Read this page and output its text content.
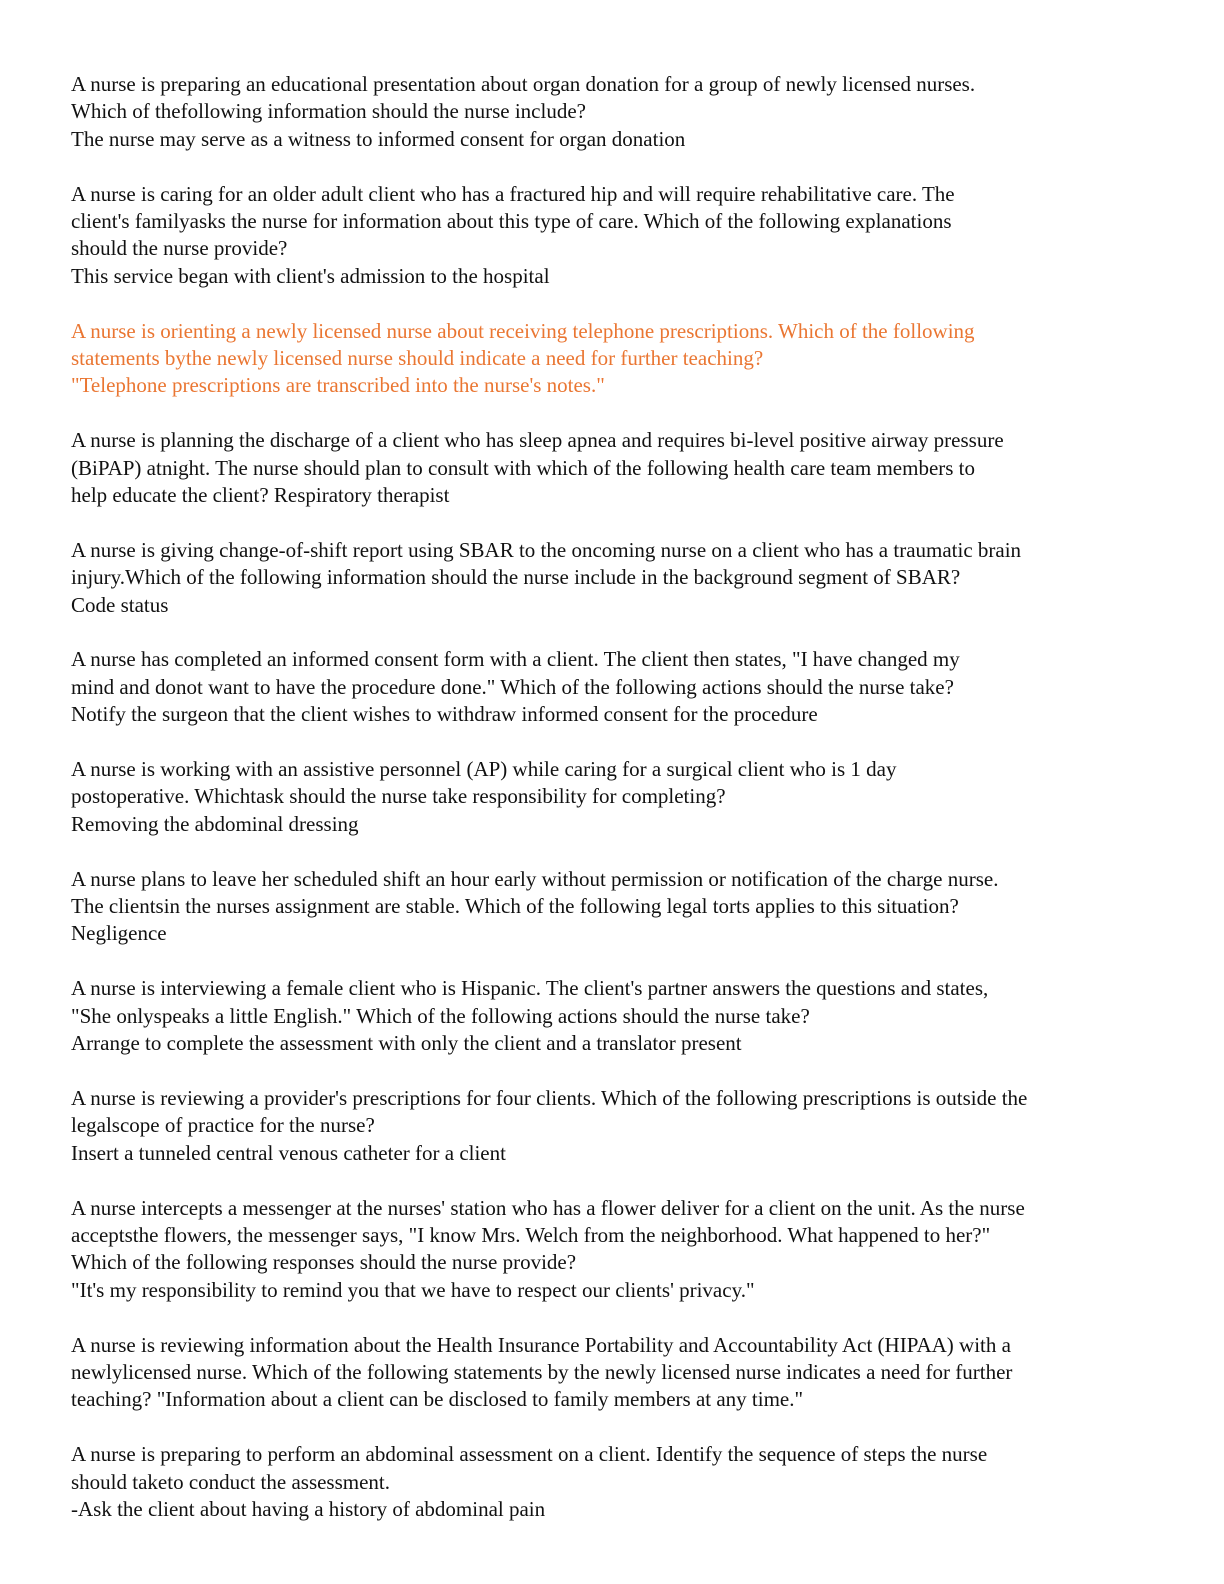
A nurse is preparing an educational presentation about organ donation for a group of newly licensed nurses.
Which of thefollowing information should the nurse include?
The nurse may serve as a witness to informed consent for organ donation
A nurse is caring for an older adult client who has a fractured hip and will require rehabilitative care. The
client's familyasks the nurse for information about this type of care. Which of the following explanations
should the nurse provide?
This service began with client's admission to the hospital
A nurse is orienting a newly licensed nurse about receiving telephone prescriptions. Which of the following
statements bythe newly licensed nurse should indicate a need for further teaching?
"Telephone prescriptions are transcribed into the nurse's notes."
A nurse is planning the discharge of a client who has sleep apnea and requires bi-level positive airway pressure
(BiPAP) atnight. The nurse should plan to consult with which of the following health care team members to
help educate the client? Respiratory therapist
A nurse is giving change-of-shift report using SBAR to the oncoming nurse on a client who has a traumatic brain
injury.Which of the following information should the nurse include in the background segment of SBAR?
Code status
A nurse has completed an informed consent form with a client. The client then states, "I have changed my
mind and donot want to have the procedure done." Which of the following actions should the nurse take?
Notify the surgeon that the client wishes to withdraw informed consent for the procedure
A nurse is working with an assistive personnel (AP) while caring for a surgical client who is 1 day
postoperative. Whichtask should the nurse take responsibility for completing?
Removing the abdominal dressing
A nurse plans to leave her scheduled shift an hour early without permission or notification of the charge nurse.
The clientsin the nurses assignment are stable. Which of the following legal torts applies to this situation?
Negligence
A nurse is interviewing a female client who is Hispanic. The client's partner answers the questions and states,
"She onlyspeaks a little English." Which of the following actions should the nurse take?
Arrange to complete the assessment with only the client and a translator present
A nurse is reviewing a provider's prescriptions for four clients. Which of the following prescriptions is outside the
legalscope of practice for the nurse?
Insert a tunneled central venous catheter for a client
A nurse intercepts a messenger at the nurses' station who has a flower deliver for a client on the unit. As the nurse
acceptsthe flowers, the messenger says, "I know Mrs. Welch from the neighborhood. What happened to her?"
Which of the following responses should the nurse provide?
"It's my responsibility to remind you that we have to respect our clients' privacy."
A nurse is reviewing information about the Health Insurance Portability and Accountability Act (HIPAA) with a
newlylicensed nurse. Which of the following statements by the newly licensed nurse indicates a need for further
teaching? "Information about a client can be disclosed to family members at any time."
A nurse is preparing to perform an abdominal assessment on a client. Identify the sequence of steps the nurse
should taketo conduct the assessment.
-Ask the client about having a history of abdominal pain
